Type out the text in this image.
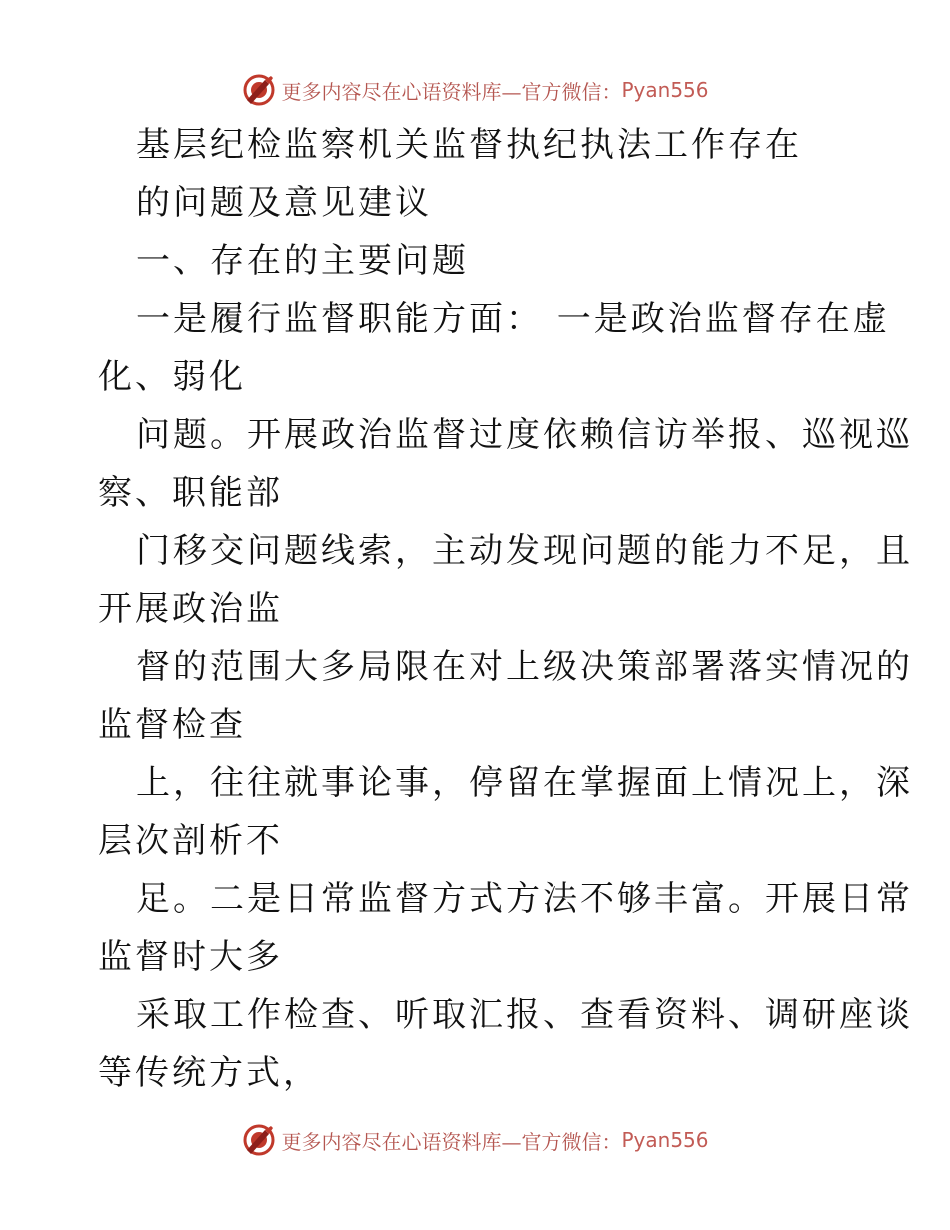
更多内容尽在心语资料库—官方微信： Pyan556
基层纪检监察机关监督执纪执法工作存在
的问题及意见建议
一、存在的主要问题
一是履行监督职能方面： 一是政治监督存在虚
化、弱化
问题。开展政治监督过度依赖信访举报、巡视巡
察、职能部
门移交问题线索，主动发现问题的能力不足，且
开展政治监
督的范围大多局限在对上级决策部署落实情况的
监督检查
上，往往就事论事，停留在掌握面上情况上，深
层次剖析不
足。二是日常监督方式方法不够丰富。开展日常
监督时大多
采取工作检查、听取汇报、查看资料、调研座谈
等传统方式，
更多内容尽在心语资料库—官方微信： Pyan556
